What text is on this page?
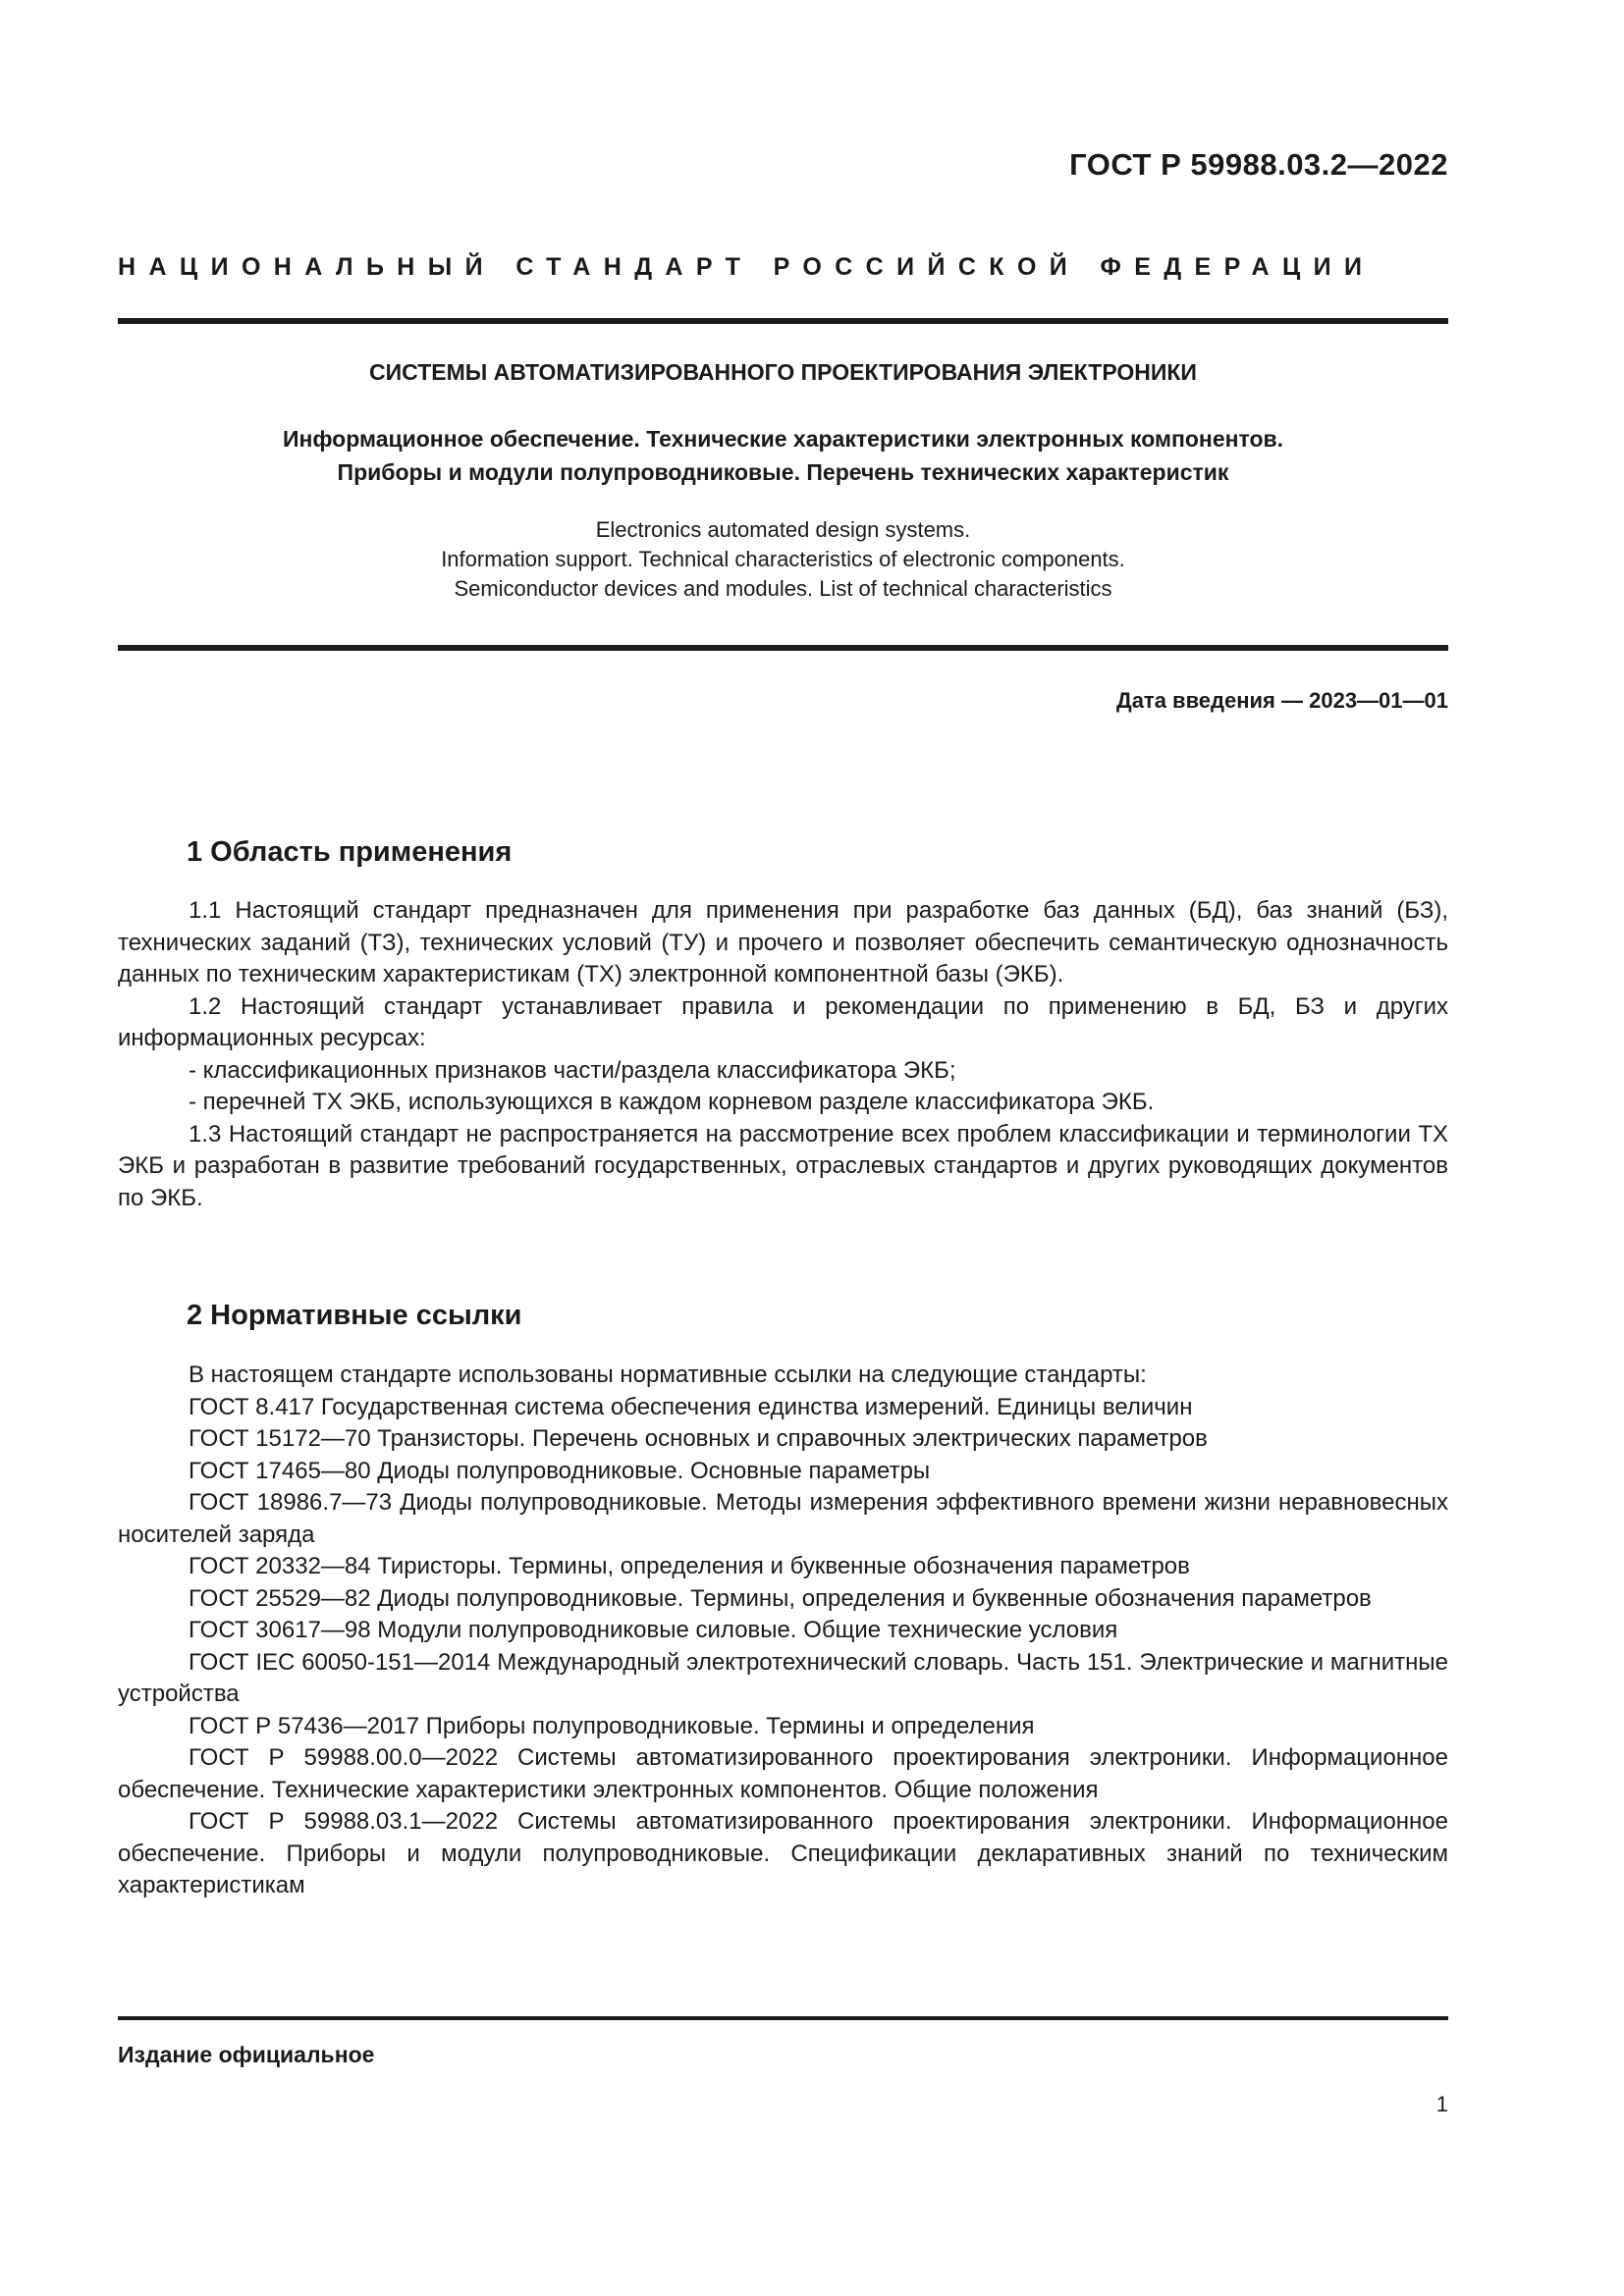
ГОСТ Р 59988.03.2—2022
НАЦИОНАЛЬНЫЙ СТАНДАРТ РОССИЙСКОЙ ФЕДЕРАЦИИ
СИСТЕМЫ АВТОМАТИЗИРОВАННОГО ПРОЕКТИРОВАНИЯ ЭЛЕКТРОНИКИ
Информационное обеспечение. Технические характеристики электронных компонентов.
Приборы и модули полупроводниковые. Перечень технических характеристик
Electronics automated design systems.
Information support. Technical characteristics of electronic components.
Semiconductor devices and modules. List of technical characteristics
Дата введения — 2023—01—01
1 Область применения

1.1 Настоящий стандарт предназначен для применения при разработке баз данных (БД), баз знаний (БЗ), технических заданий (ТЗ), технических условий (ТУ) и прочего и позволяет обеспечить семантическую однозначность данных по техническим характеристикам (ТХ) электронной компонентной базы (ЭКБ).

1.2 Настоящий стандарт устанавливает правила и рекомендации по применению в БД, БЗ и других информационных ресурсах:

- классификационных признаков части/раздела классификатора ЭКБ;

- перечней ТХ ЭКБ, использующихся в каждом корневом разделе классификатора ЭКБ.

1.3 Настоящий стандарт не распространяется на рассмотрение всех проблем классификации и терминологии ТХ ЭКБ и разработан в развитие требований государственных, отраслевых стандартов и других руководящих документов по ЭКБ.

2 Нормативные ссылки

В настоящем стандарте использованы нормативные ссылки на следующие стандарты:

ГОСТ 8.417 Государственная система обеспечения единства измерений. Единицы величин

ГОСТ 15172—70 Транзисторы. Перечень основных и справочных электрических параметров

ГОСТ 17465—80 Диоды полупроводниковые. Основные параметры

ГОСТ 18986.7—73 Диоды полупроводниковые. Методы измерения эффективного времени жизни неравновесных носителей заряда

ГОСТ 20332—84 Тиристоры. Термины, определения и буквенные обозначения параметров

ГОСТ 25529—82 Диоды полупроводниковые. Термины, определения и буквенные обозначения параметров

ГОСТ 30617—98 Модули полупроводниковые силовые. Общие технические условия

ГОСТ IEC 60050-151—2014 Международный электротехнический словарь. Часть 151. Электрические и магнитные устройства

ГОСТ Р 57436—2017 Приборы полупроводниковые. Термины и определения

ГОСТ Р 59988.00.0—2022 Системы автоматизированного проектирования электроники. Информационное обеспечение. Технические характеристики электронных компонентов. Общие положения

ГОСТ Р 59988.03.1—2022 Системы автоматизированного проектирования электроники. Информационное обеспечение. Приборы и модули полупроводниковые. Спецификации декларативных знаний по техническим характеристикам

Издание официальное
1
